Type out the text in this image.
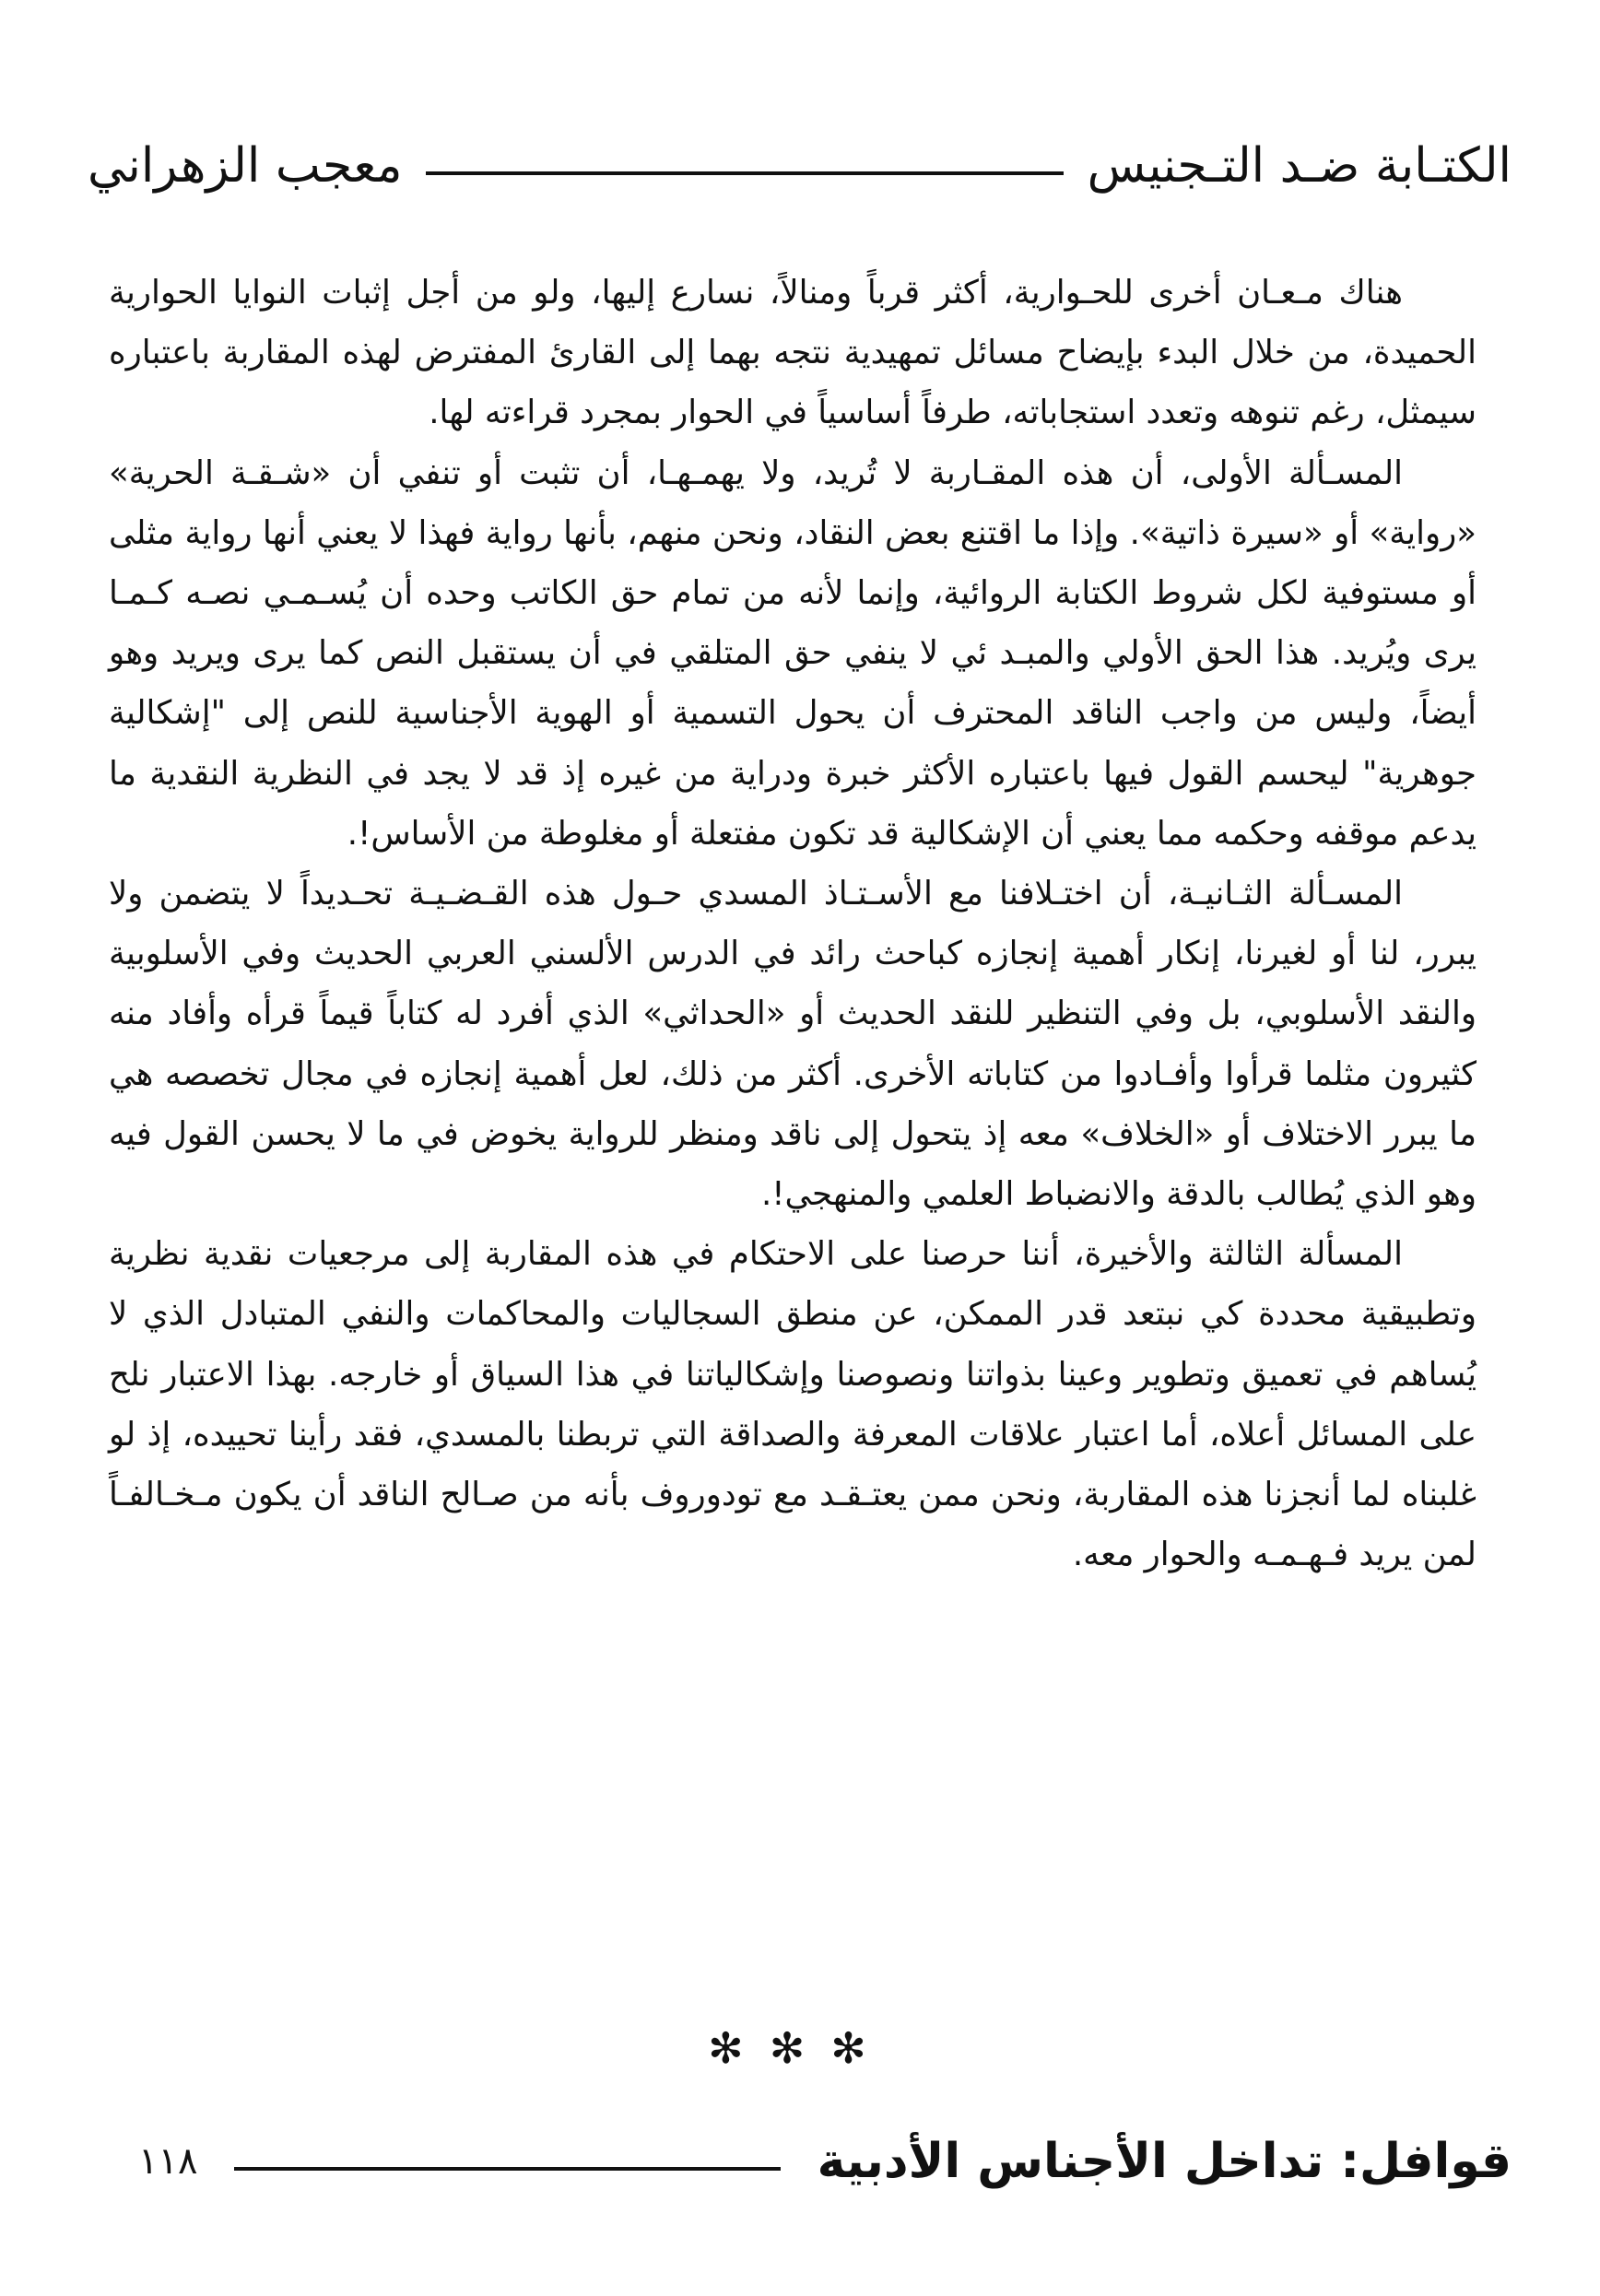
الكتـابة ضـد التـجنيس
معجب الزهراني

هناك مـعـان أخرى للحـوارية، أكثر قرباً ومنالاً، نسارع إليها، ولو من أجل إثبات النوايا الحوارية الحميدة، من خلال البدء بإيضاح مسائل تمهيدية نتجه بهما إلى القارئ المفترض لهذه المقاربة باعتباره سيمثل، رغم تنوهه وتعدد استجاباته، طرفاً أساسياً في الحوار بمجرد قراءته لها.

المسـألة الأولى، أن هذه المقـاربة لا تُريد، ولا يهمـهـا، أن تثبت أو تنفي أن «شـقـة الحرية» «رواية» أو «سيرة ذاتية». وإذا ما اقتنع بعض النقاد، ونحن منهم، بأنها رواية فهذا لا يعني أنها رواية مثلى أو مستوفية لكل شروط الكتابة الروائية، وإنما لأنه من تمام حق الكاتب وحده أن يُسـمـي نصـه كـمـا يرى ويُريد. هذا الحق الأولي والمبـد ئي لا ينفي حق المتلقي في أن يستقبل النص كما يرى ويريد وهو أيضاً، وليس من واجب الناقد المحترف أن يحول التسمية أو الهوية الأجناسية للنص إلى "إشكالية جوهرية" ليحسم القول فيها باعتباره الأكثر خبرة ودراية من غيره إذ قد لا يجد في النظرية النقدية ما يدعم موقفه وحكمه مما يعني أن الإشكالية قد تكون مفتعلة أو مغلوطة من الأساس!.

المسـألة الثـانيـة، أن اختـلافنا مع الأسـتـاذ المسدي حـول هذه القـضـيـة تحـديداً لا يتضمن ولا يبرر، لنا أو لغيرنا، إنكار أهمية إنجازه كباحث رائد في الدرس الألسني العربي الحديث وفي الأسلوبية والنقد الأسلوبي، بل وفي التنظير للنقد الحديث أو «الحداثي» الذي أفرد له كتاباً قيماً قرأه وأفاد منه كثيرون مثلما قرأوا وأفـادوا من كتاباته الأخرى. أكثر من ذلك، لعل أهمية إنجازه في مجال تخصصه هي ما يبرر الاختلاف أو «الخلاف» معه إذ يتحول إلى ناقد ومنظر للرواية يخوض في ما لا يحسن القول فيه وهو الذي يُطالب بالدقة والانضباط العلمي والمنهجي!.

المسألة الثالثة والأخيرة، أننا حرصنا على الاحتكام في هذه المقاربة إلى مرجعيات نقدية نظرية وتطبيقية محددة كي نبتعد قدر الممكن، عن منطق السجاليات والمحاكمات والنفي المتبادل الذي لا يُساهم في تعميق وتطوير وعينا بذواتنا ونصوصنا وإشكالياتنا في هذا السياق أو خارجه. بهذا الاعتبار نلح على المسائل أعلاه، أما اعتبار علاقات المعرفة والصداقة التي تربطنا بالمسدي، فقد رأينا تحييده، إذ لو غلبناه لما أنجزنا هذه المقاربة، ونحن ممن يعتـقـد مع تودوروف بأنه من صـالح الناقد أن يكون مـخـالفـاً لمن يريد فـهـمـه والحوار معه.

✻✻✻
قوافل: تداخل الأجناس الأدبية
١١٨
